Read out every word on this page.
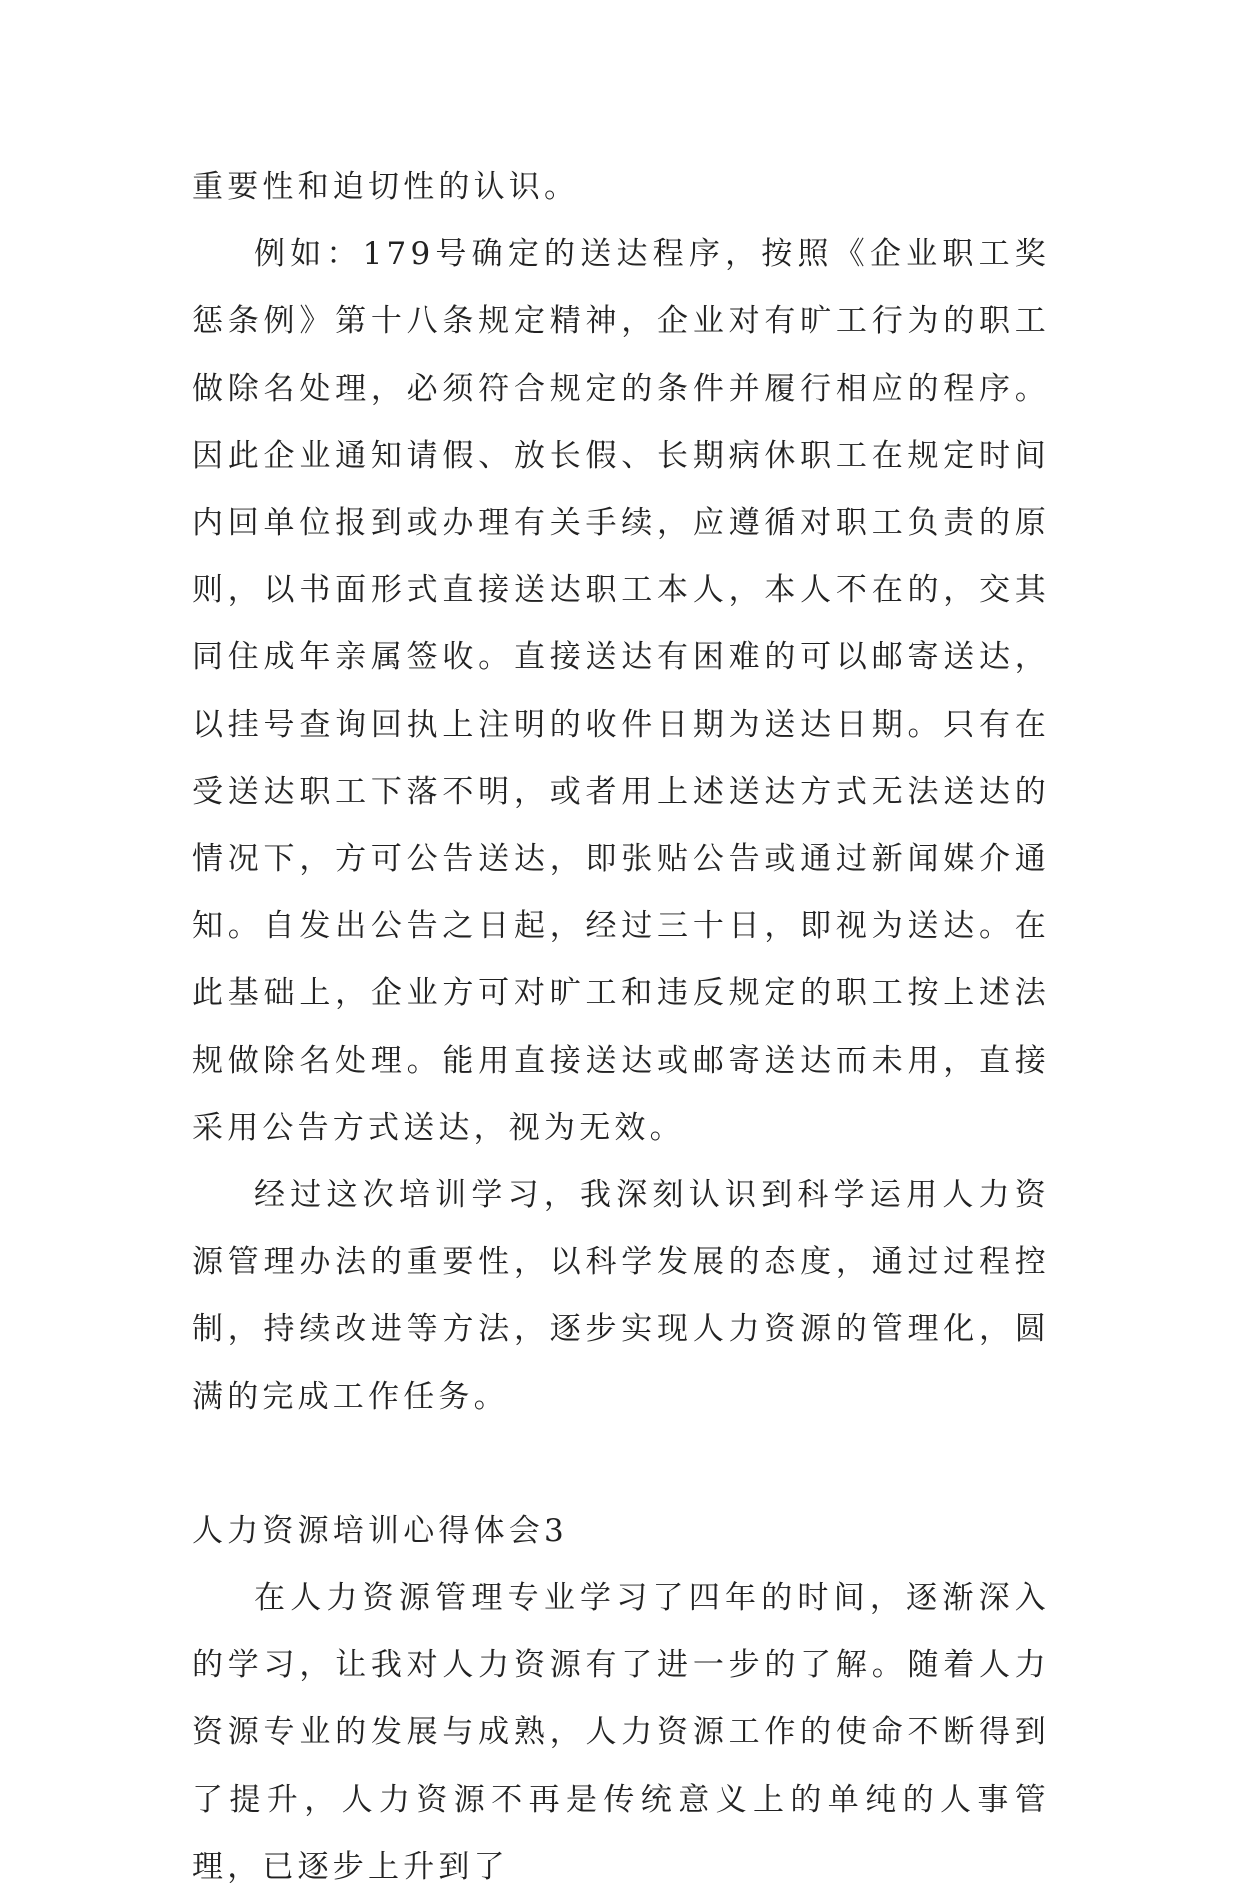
重要性和迫切性的认识。

例如：179号确定的送达程序，按照《企业职工奖惩条例》第十八条规定精神，企业对有旷工行为的职工做除名处理，必须符合规定的条件并履行相应的程序。因此企业通知请假、放长假、长期病休职工在规定时间内回单位报到或办理有关手续，应遵循对职工负责的原则，以书面形式直接送达职工本人，本人不在的，交其同住成年亲属签收。直接送达有困难的可以邮寄送达，以挂号查询回执上注明的收件日期为送达日期。只有在受送达职工下落不明，或者用上述送达方式无法送达的情况下，方可公告送达，即张贴公告或通过新闻媒介通知。自发出公告之日起，经过三十日，即视为送达。在此基础上，企业方可对旷工和违反规定的职工按上述法规做除名处理。能用直接送达或邮寄送达而未用，直接采用公告方式送达，视为无效。

经过这次培训学习，我深刻认识到科学运用人力资源管理办法的重要性，以科学发展的态度，通过过程控制，持续改进等方法，逐步实现人力资源的管理化，圆满的完成工作任务。

人力资源培训心得体会3

在人力资源管理专业学习了四年的时间，逐渐深入的学习，让我对人力资源有了进一步的了解。随着人力资源专业的发展与成熟，人力资源工作的使命不断得到了提升，人力资源不再是传统意义上的单纯的人事管理，已逐步上升到了
